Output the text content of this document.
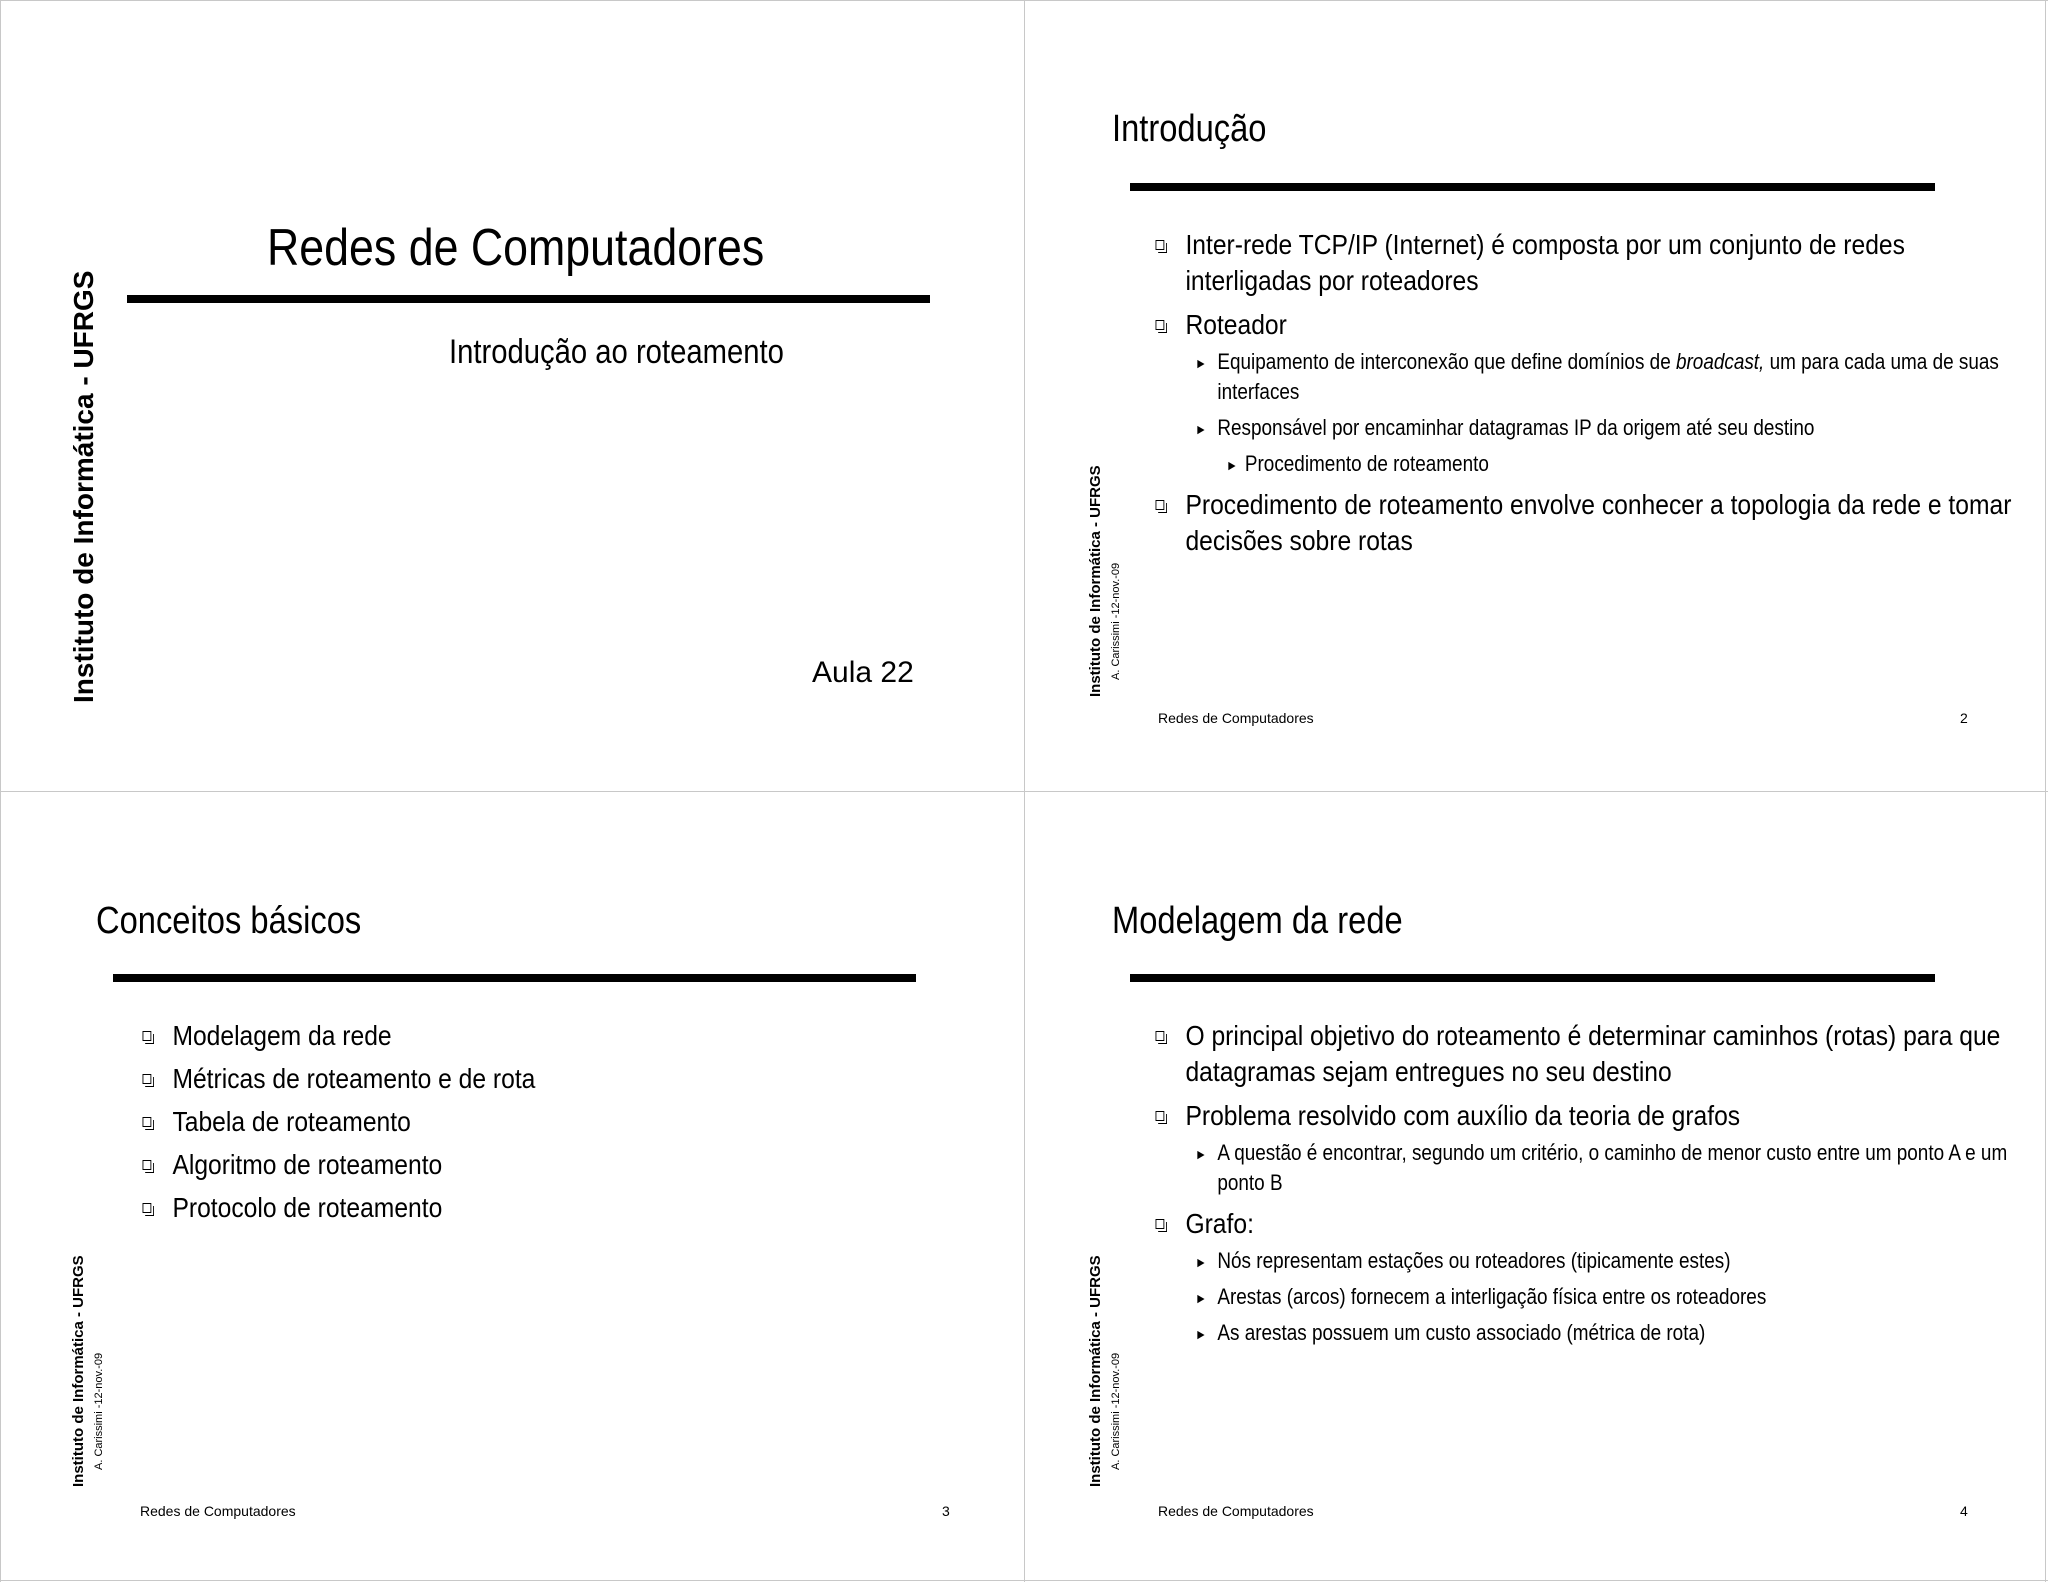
Instituto de Informática - UFRGS
Redes de Computadores
Introdução ao roteamento
Aula 22	Instituto de Informática - UFRGS A. Carissimi -12-nov.-09
Introdução
Inter-rede TCP/IP (Internet) é composta por um conjunto de redes interligadas por roteadores
Roteador
► Equipamento de interconexão que define domínios de broadcast, um para cada uma de suas interfaces
► Responsável por encaminhar datagramas IP da origem até seu destino
► Procedimento de roteamento
Procedimento de roteamento envolve conhecer a topologia da rede e tomar decisões sobre rotas
Redes de Computadores	2
Instituto de Informática - UFRGS A. Carissimi -12-nov.-09
Conceitos básicos
Modelagem da rede
Métricas de roteamento e de rota
Tabela de roteamento
Algoritmo de roteamento
Protocolo de roteamento
Redes de Computadores	3
Instituto de Informática - UFRGS A. Carissimi -12-nov.-09
Modelagem da rede
O principal objetivo do roteamento é determinar caminhos (rotas) para que datagramas sejam entregues no seu destino
Problema resolvido com auxílio da teoria de grafos
► A questão é encontrar, segundo um critério, o caminho de menor custo entre um ponto A e um ponto B
Grafo:
► Nós representam estações ou roteadores (tipicamente estes)
► Arestas (arcos) fornecem a interligação física entre os roteadores
► As arestas possuem um custo associado (métrica de rota)
Redes de Computadores	4
